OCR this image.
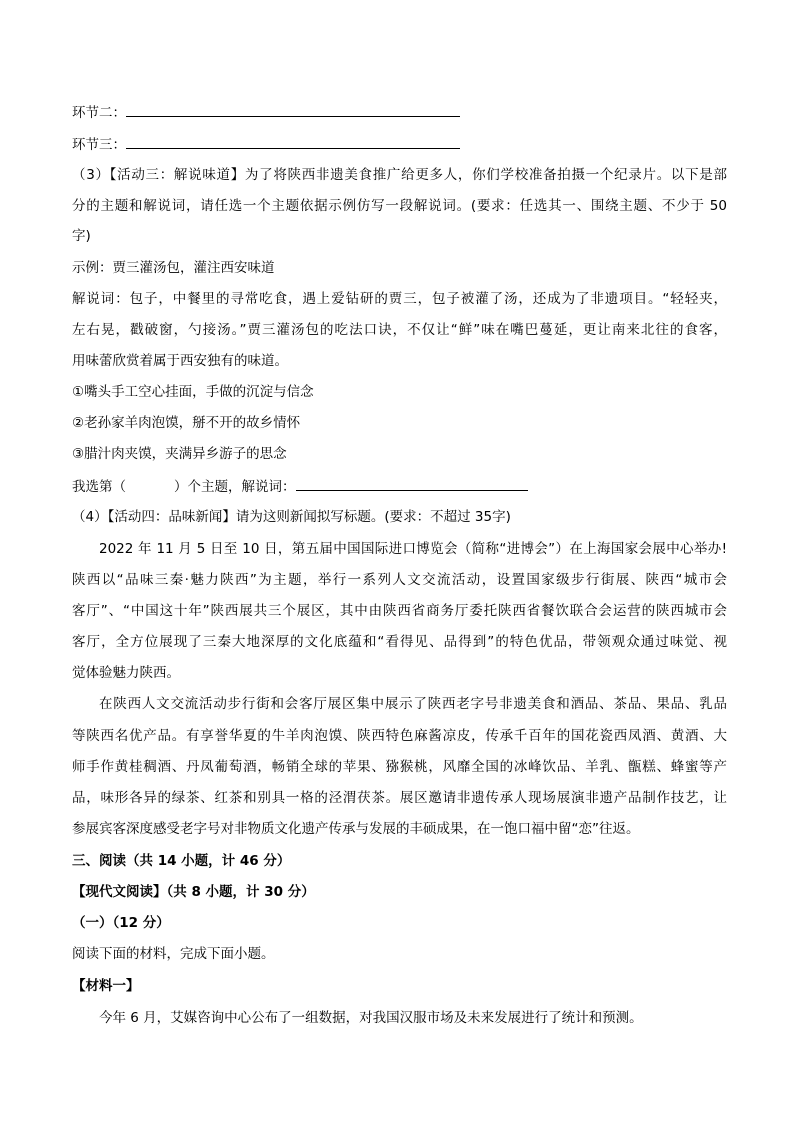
环节二：
环节三：
（3）【活动三：解说味道】为了将陕西非遗美食推广给更多人，你们学校准备拍摄一个纪录片。以下是部
分的主题和解说词，请任选一个主题依据示例仿写一段解说词。(要求：任选其一、围绕主题、不少于 50
字)
示例：贾三灌汤包，灌注西安味道
解说词：包子，中餐里的寻常吃食，遇上爱钻研的贾三，包子被灌了汤，还成为了非遗项目。“轻轻夹，
左右晃，戳破窗，勺接汤。”贾三灌汤包的吃法口诀，不仅让“鲜”味在嘴巴蔓延，更让南来北往的食客，
用味蕾欣赏着属于西安独有的味道。
①嘴头手工空心挂面，手做的沉淀与信念
②老孙家羊肉泡馍，掰不开的故乡情怀
③腊汁肉夹馍，夹满异乡游子的思念
我选第（	）个主题，解说词：
（4）【活动四：品味新闻】请为这则新闻拟写标题。(要求：不超过 35字)
2022 年 11 月 5 日至 10 日，第五届中国国际进口博览会（简称“进博会”）在上海国家会展中心举办!
陕西以“品味三秦·魅力陕西”为主题，举行一系列人文交流活动，设置国家级步行街展、陕西“城市会
客厅”、“中国这十年”陕西展共三个展区，其中由陕西省商务厅委托陕西省餐饮联合会运营的陕西城市会
客厅，全方位展现了三秦大地深厚的文化底蕴和“看得见、品得到”的特色优品，带领观众通过味觉、视
觉体验魅力陕西。
在陕西人文交流活动步行街和会客厅展区集中展示了陕西老字号非遗美食和酒品、茶品、果品、乳品
等陕西名优产品。有享誉华夏的牛羊肉泡馍、陕西特色麻酱凉皮，传承千百年的国花瓷西凤酒、黄酒、大
师手作黄桂稠酒、丹凤葡萄酒，畅销全球的苹果、猕猴桃，风靡全国的冰峰饮品、羊乳、甑糕、蜂蜜等产
品，味形各异的绿茶、红茶和别具一格的泾渭茯茶。展区邀请非遗传承人现场展演非遗产品制作技艺，让
参展宾客深度感受老字号对非物质文化遗产传承与发展的丰硕成果，在一饱口福中留“恋”往返。
三、阅读（共 14 小题，计 46 分）
【现代文阅读】（共 8 小题，计 30 分）
（一）（12 分）
阅读下面的材料，完成下面小题。
【材料一】
今年 6 月，艾媒咨询中心公布了一组数据，对我国汉服市场及未来发展进行了统计和预测。
